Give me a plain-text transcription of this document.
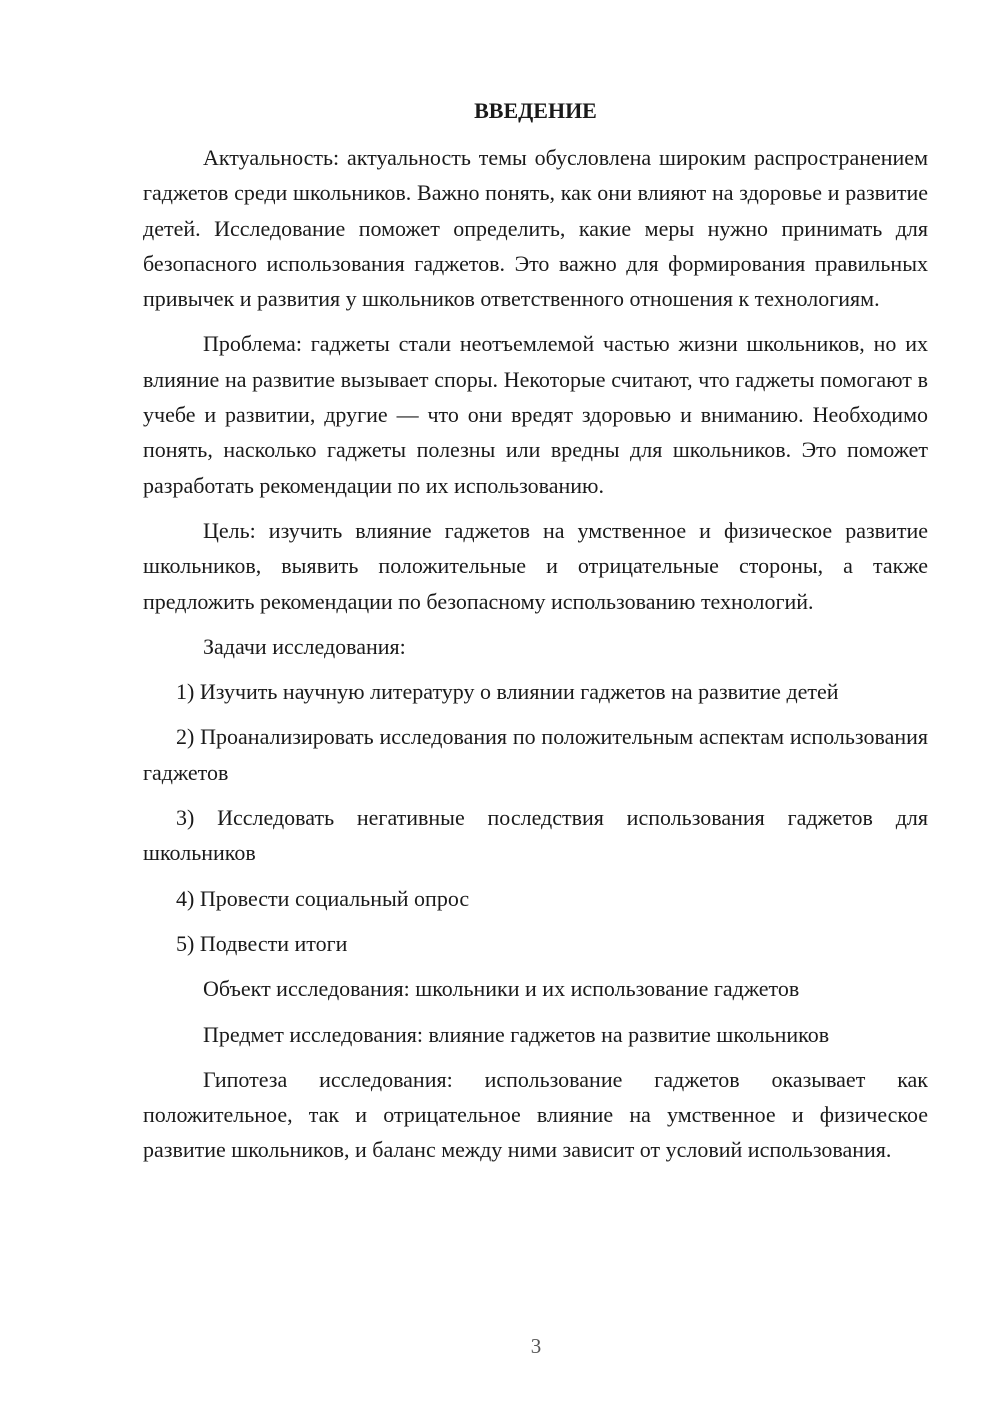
ВВЕДЕНИЕ

Актуальность: актуальность темы обусловлена широким распространением гаджетов среди школьников. Важно понять, как они влияют на здоровье и развитие детей. Исследование поможет определить, какие меры нужно принимать для безопасного использования гаджетов. Это важно для формирования правильных привычек и развития у школьников ответственного отношения к технологиям.

Проблема: гаджеты стали неотъемлемой частью жизни школьников, но их влияние на развитие вызывает споры. Некоторые считают, что гаджеты помогают в учебе и развитии, другие — что они вредят здоровью и вниманию. Необходимо понять, насколько гаджеты полезны или вредны для школьников. Это поможет разработать рекомендации по их использованию.

Цель: изучить влияние гаджетов на умственное и физическое развитие школьников, выявить положительные и отрицательные стороны, а также предложить рекомендации по безопасному использованию технологий.

Задачи исследования:
1) Изучить научную литературу о влиянии гаджетов на развитие детей
2) Проанализировать исследования по положительным аспектам использования гаджетов
3) Исследовать негативные последствия использования гаджетов для школьников
4) Провести социальный опрос
5) Подвести итоги
Объект исследования: школьники и их использование гаджетов
Предмет исследования: влияние гаджетов на развитие школьников

Гипотеза исследования: использование гаджетов оказывает как положительное, так и отрицательное влияние на умственное и физическое развитие школьников, и баланс между ними зависит от условий использования.

3
